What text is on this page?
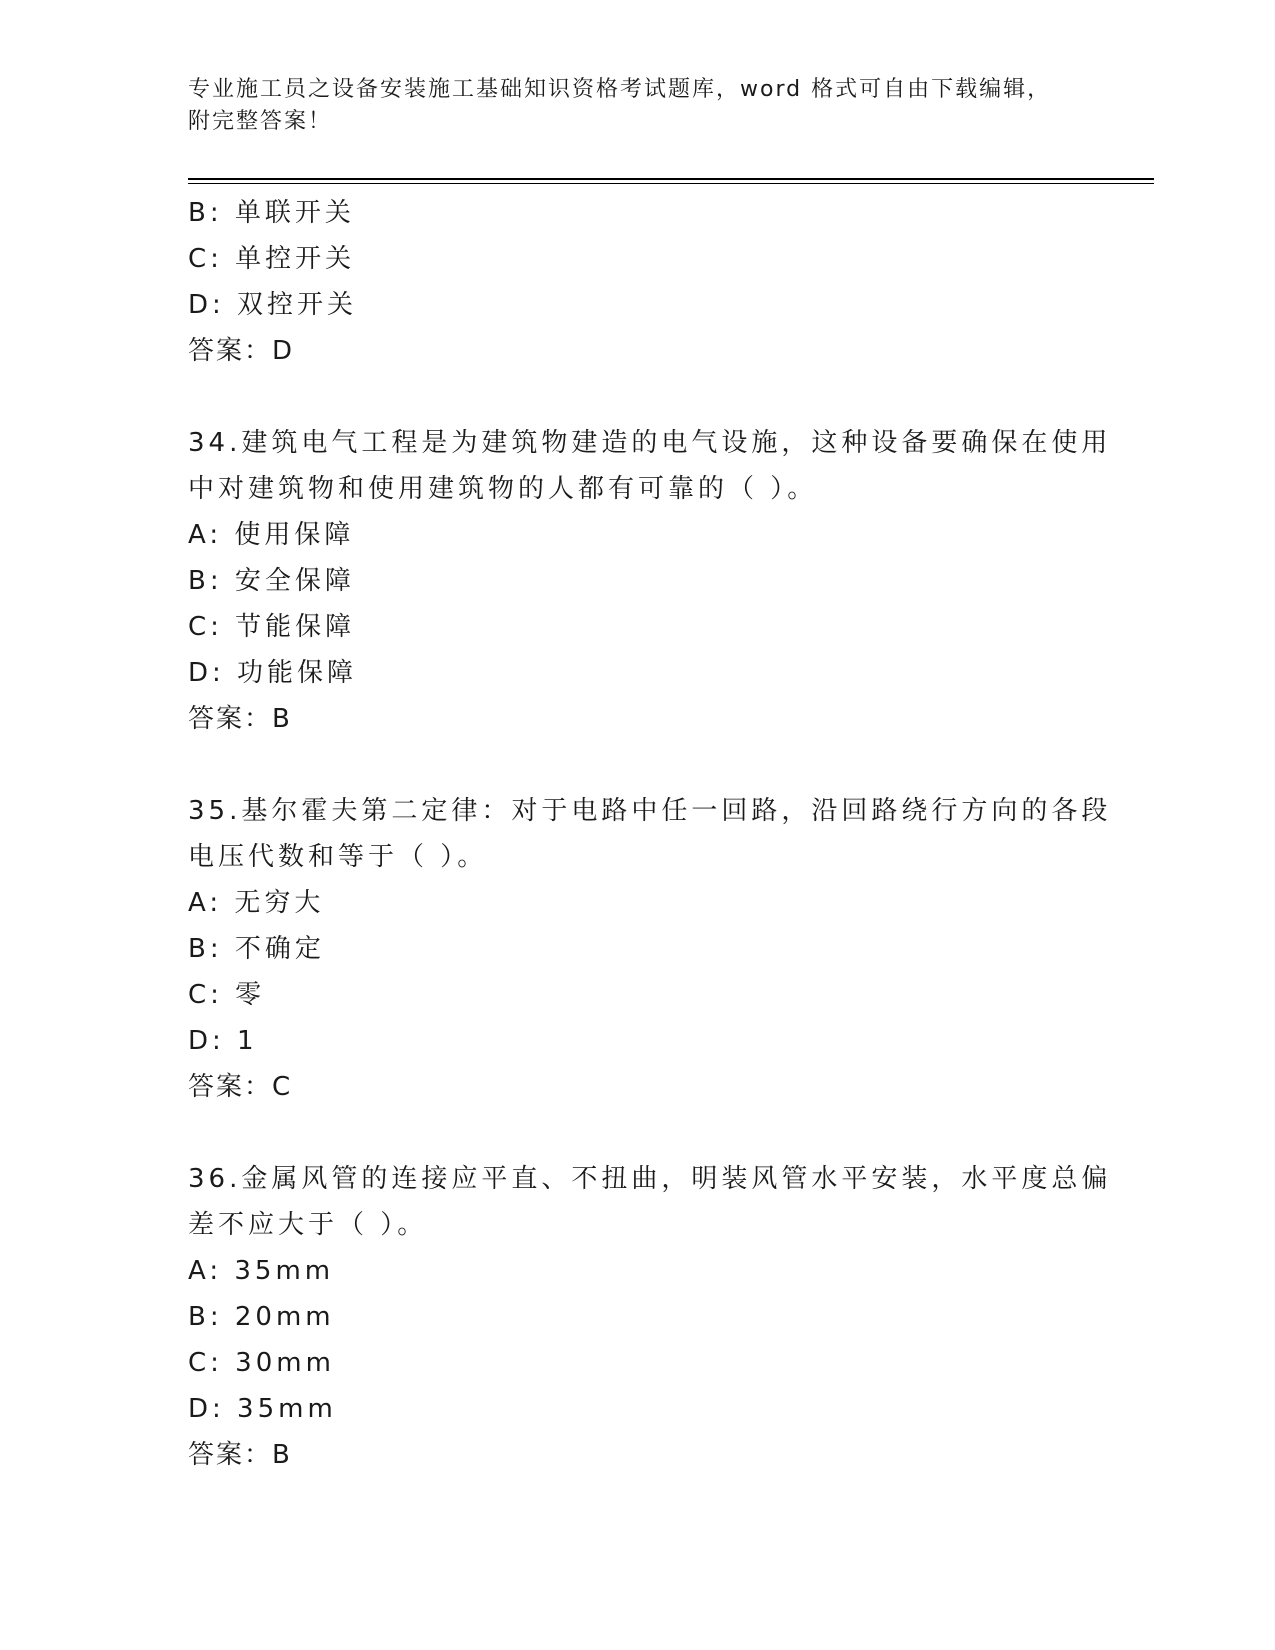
专业施工员之设备安装施工基础知识资格考试题库，word 格式可自由下载编辑，
附完整答案！
B: 单联开关
C: 单控开关
D: 双控开关
答案：D
34.建筑电气工程是为建筑物建造的电气设施，这种设备要确保在使用
中对建筑物和使用建筑物的人都有可靠的（ ）。
A: 使用保障
B: 安全保障
C: 节能保障
D: 功能保障
答案：B
35.基尔霍夫第二定律：对于电路中任一回路，沿回路绕行方向的各段
电压代数和等于（ ）。
A: 无穷大
B: 不确定
C: 零
D: 1
答案：C
36.金属风管的连接应平直、不扭曲，明装风管水平安装，水平度总偏
差不应大于（ ）。
A: 35mm
B: 20mm
C: 30mm
D: 35mm
答案：B
